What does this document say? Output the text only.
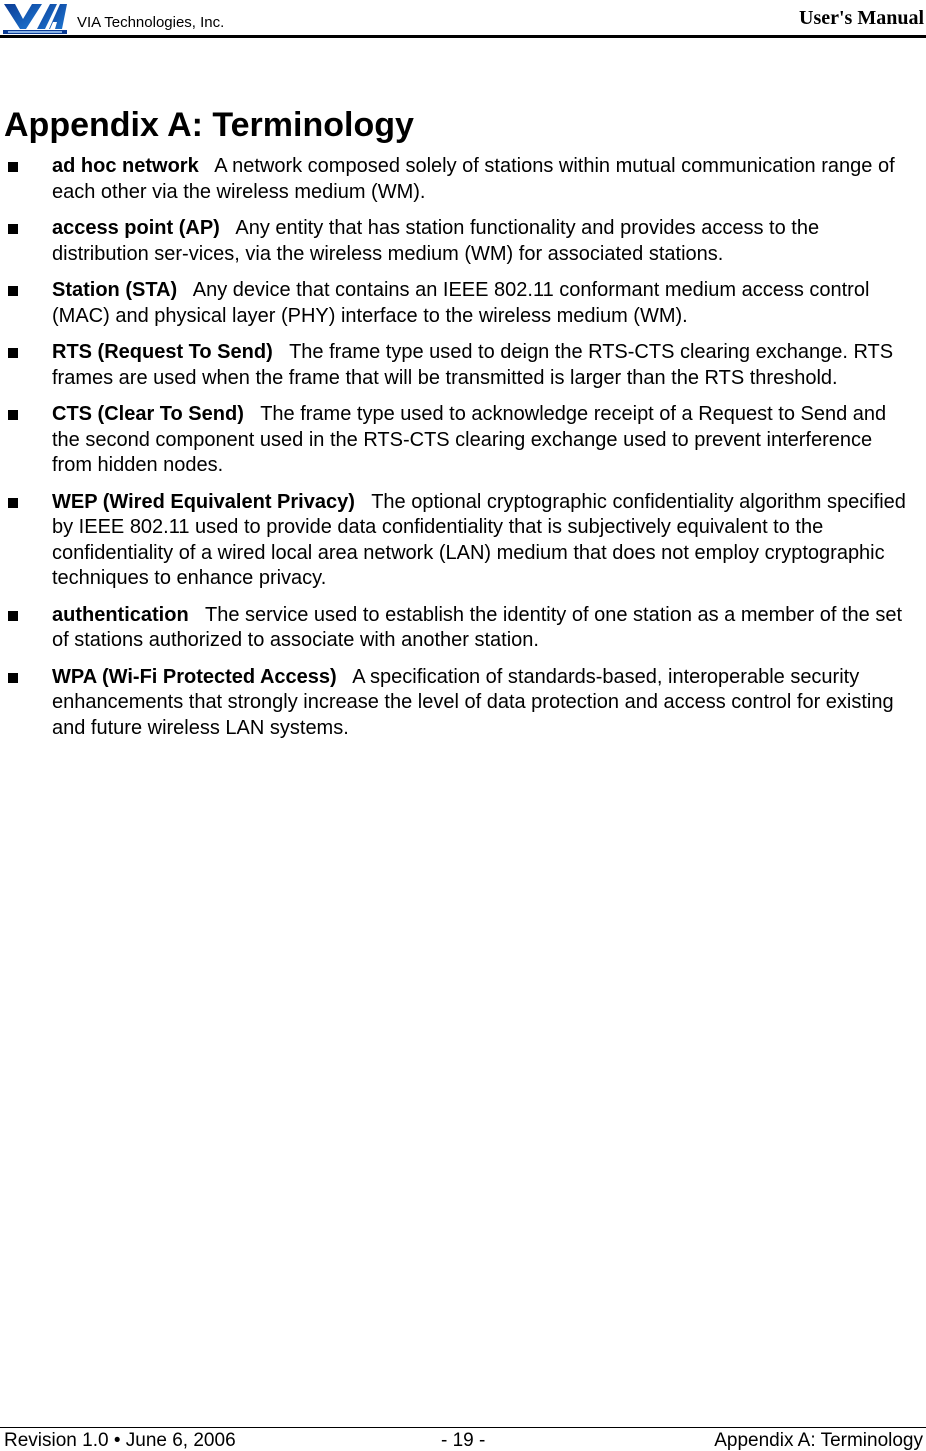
VIA Technologies, Inc.	User's Manual
Appendix A: Terminology
ad hoc network A network composed solely of stations within mutual communication range of each other via the wireless medium (WM).
access point (AP) Any entity that has station functionality and provides access to the distribution ser-vices, via the wireless medium (WM) for associated stations.
Station (STA) Any device that contains an IEEE 802.11 conformant medium access control (MAC) and physical layer (PHY) interface to the wireless medium (WM).
RTS (Request To Send) The frame type used to deign the RTS-CTS clearing exchange. RTS frames are used when the frame that will be transmitted is larger than the RTS threshold.
CTS (Clear To Send) The frame type used to acknowledge receipt of a Request to Send and the second component used in the RTS-CTS clearing exchange used to prevent interference from hidden nodes.
WEP (Wired Equivalent Privacy) The optional cryptographic confidentiality algorithm specified by IEEE 802.11 used to provide data confidentiality that is subjectively equivalent to the confidentiality of a wired local area network (LAN) medium that does not employ cryptographic techniques to enhance privacy.
authentication The service used to establish the identity of one station as a member of the set of stations authorized to associate with another station.
WPA (Wi-Fi Protected Access) A specification of standards-based, interoperable security enhancements that strongly increase the level of data protection and access control for existing and future wireless LAN systems.
Revision 1.0 • June 6, 2006	- 19 -	Appendix A: Terminology
